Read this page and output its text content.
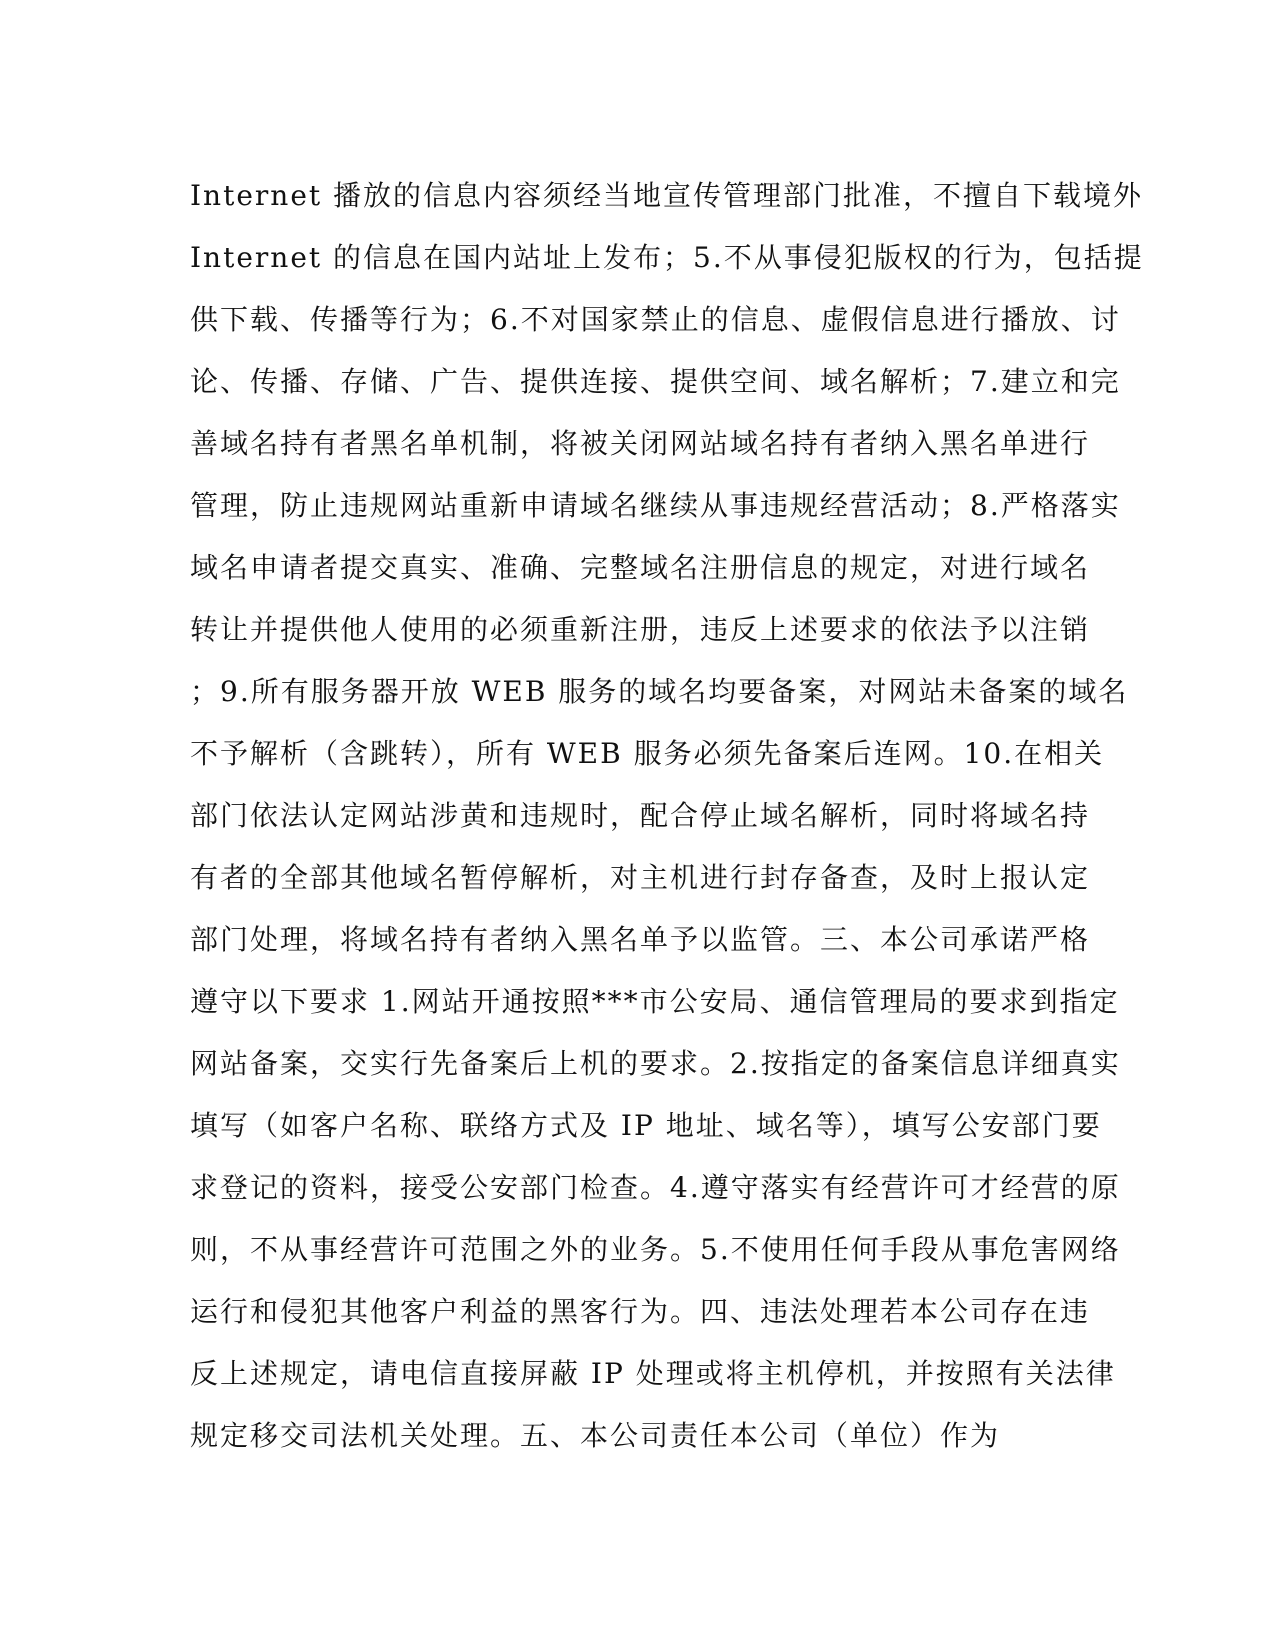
Internet 播放的信息内容须经当地宣传管理部门批准，不擅自下载境外
Internet 的信息在国内站址上发布；5.不从事侵犯版权的行为，包括提
供下载、传播等行为；6.不对国家禁止的信息、虚假信息进行播放、讨
论、传播、存储、广告、提供连接、提供空间、域名解析；7.建立和完
善域名持有者黑名单机制，将被关闭网站域名持有者纳入黑名单进行
管理，防止违规网站重新申请域名继续从事违规经营活动；8.严格落实
域名申请者提交真实、准确、完整域名注册信息的规定，对进行域名
转让并提供他人使用的必须重新注册，违反上述要求的依法予以注销
；9.所有服务器开放 WEB 服务的域名均要备案，对网站未备案的域名
不予解析（含跳转），所有 WEB 服务必须先备案后连网。10.在相关
部门依法认定网站涉黄和违规时，配合停止域名解析，同时将域名持
有者的全部其他域名暂停解析，对主机进行封存备查，及时上报认定
部门处理，将域名持有者纳入黑名单予以监管。三、本公司承诺严格
遵守以下要求 1.网站开通按照***市公安局、通信管理局的要求到指定
网站备案，交实行先备案后上机的要求。2.按指定的备案信息详细真实
填写（如客户名称、联络方式及 IP 地址、域名等），填写公安部门要
求登记的资料，接受公安部门检查。4.遵守落实有经营许可才经营的原
则，不从事经营许可范围之外的业务。5.不使用任何手段从事危害网络
运行和侵犯其他客户利益的黑客行为。四、违法处理若本公司存在违
反上述规定，请电信直接屏蔽 IP 处理或将主机停机，并按照有关法律
规定移交司法机关处理。五、本公司责任本公司（单位）作为
